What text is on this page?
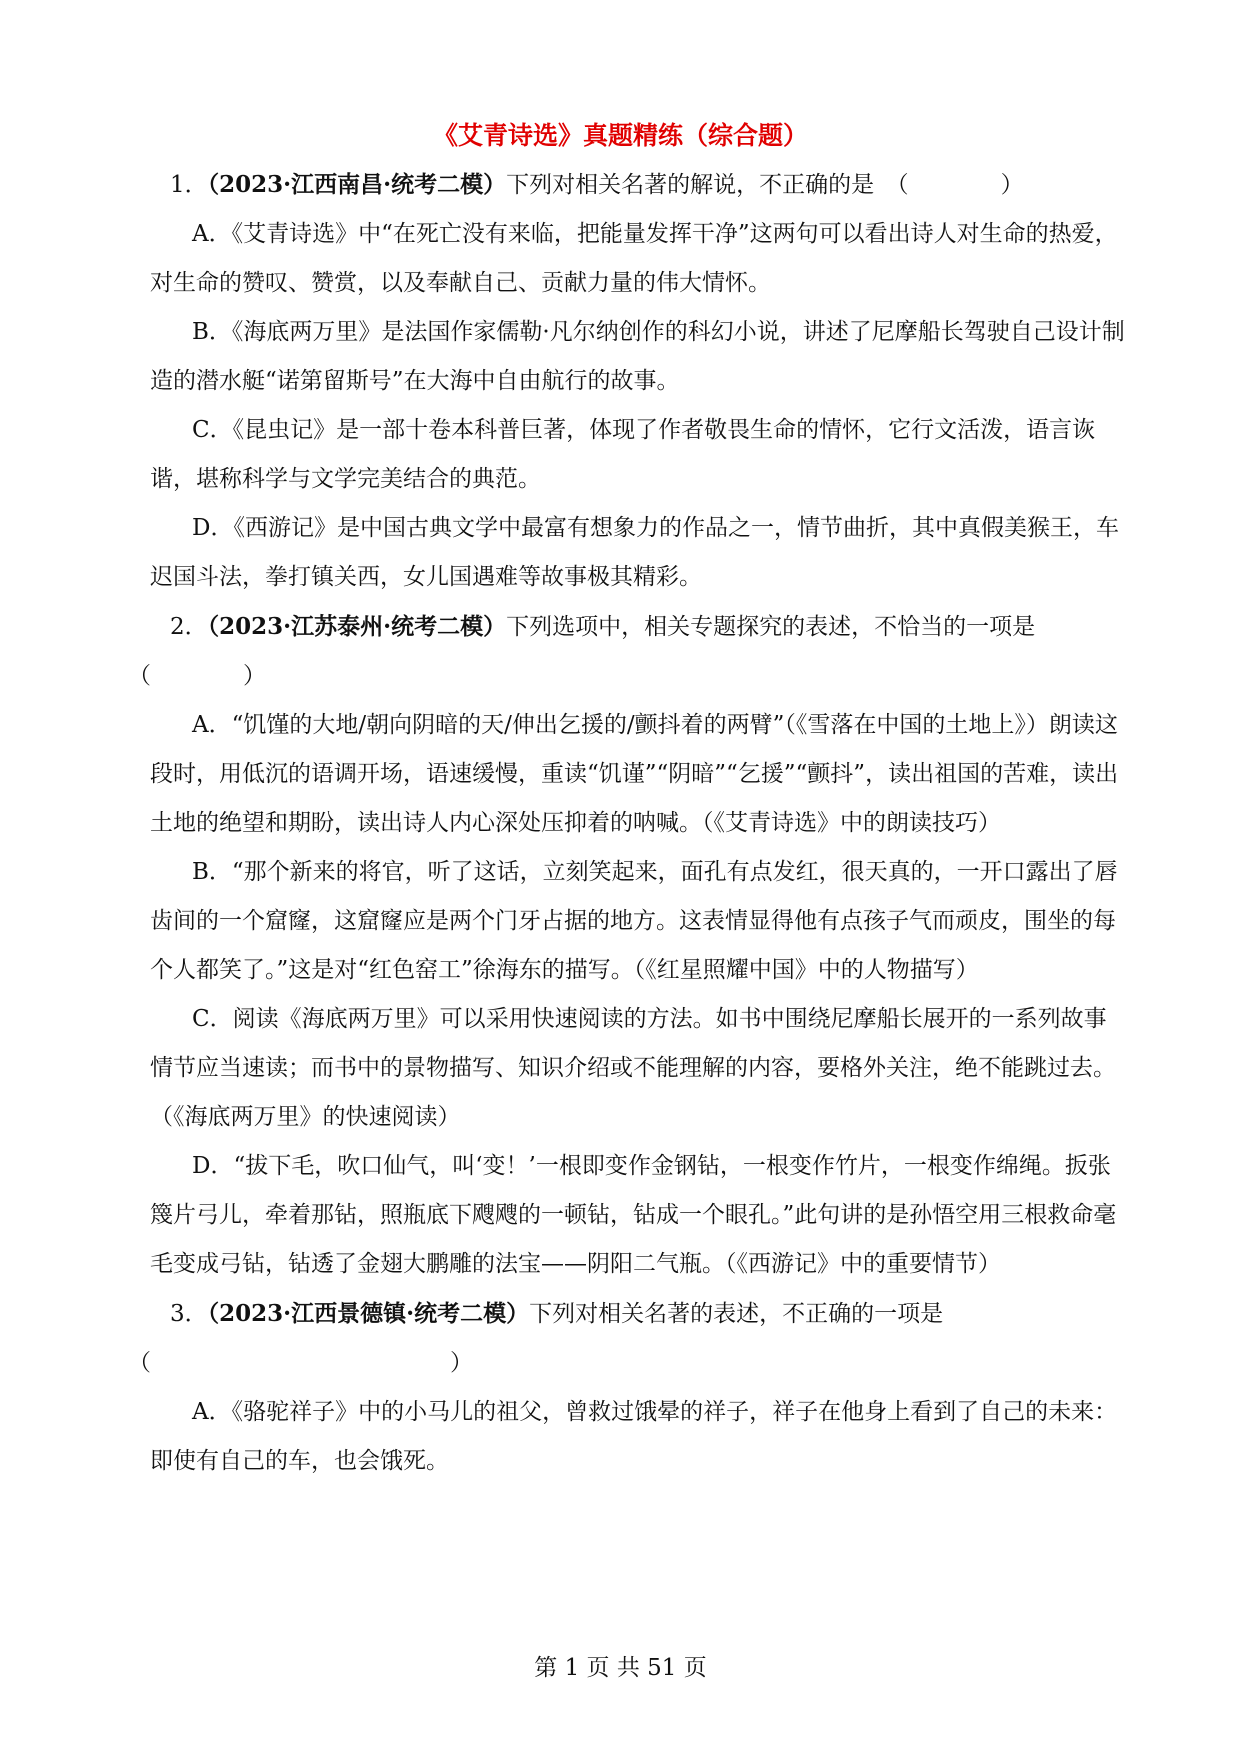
《艾青诗选》真题精练（综合题）

1．（2023·江西南昌·统考二模）下列对相关名著的解说，不正确的是　（　　　　）

A．《艾青诗选》中“在死亡没有来临，把能量发挥干净”这两句可以看出诗人对生命的热爱，对生命的赞叹、赞赏，以及奉献自己、贡献力量的伟大情怀。

B．《海底两万里》是法国作家儒勒·凡尔纳创作的科幻小说，讲述了尼摩船长驾驶自己设计制造的潜水艇“诺第留斯号”在大海中自由航行的故事。

C．《昆虫记》是一部十卷本科普巨著，体现了作者敬畏生命的情怀，它行文活泼，语言诙谐，堪称科学与文学完美结合的典范。

D．《西游记》是中国古典文学中最富有想象力的作品之一，情节曲折，其中真假美猴王，车迟国斗法，拳打镇关西，女儿国遇难等故事极其精彩。

2．（2023·江苏泰州·统考二模）下列选项中，相关专题探究的表述，不恰当的一项是（　　　　）

A．“饥馑的大地/朝向阴暗的天/伸出乞援的/颤抖着的两臂”（《雪落在中国的土地上》）朗读这段时，用低沉的语调开场，语速缓慢，重读“饥谨”“阴暗”“乞援”“颤抖”，读出祖国的苦难，读出土地的绝望和期盼，读出诗人内心深处压抑着的呐喊。（《艾青诗选》中的朗读技巧）

B．“那个新来的将官，听了这话，立刻笑起来，面孔有点发红，很天真的，一开口露出了唇齿间的一个窟窿，这窟窿应是两个门牙占据的地方。这表情显得他有点孩子气而顽皮，围坐的每个人都笑了。”这是对“红色窑工”徐海东的描写。（《红星照耀中国》中的人物描写）

C．阅读《海底两万里》可以采用快速阅读的方法。如书中围绕尼摩船长展开的一系列故事情节应当速读；而书中的景物描写、知识介绍或不能理解的内容，要格外关注，绝不能跳过去。（《海底两万里》的快速阅读）

D．“拔下毛，吹口仙气，叫‘变！’一根即变作金钢钻，一根变作竹片，一根变作绵绳。扳张篾片弓儿，牵着那钻，照瓶底下飕飕的一顿钻，钻成一个眼孔。”此句讲的是孙悟空用三根救命毫毛变成弓钻，钻透了金翅大鹏雕的法宝——阴阳二气瓶。（《西游记》中的重要情节）

3．（2023·江西景德镇·统考二模）下列对相关名著的表述，不正确的一项是（　　　　　　　　　　　　　）

A．《骆驼祥子》中的小马儿的祖父，曾救过饿晕的祥子，祥子在他身上看到了自己的未来：即使有自己的车，也会饿死。

第 1 页 共 51 页
